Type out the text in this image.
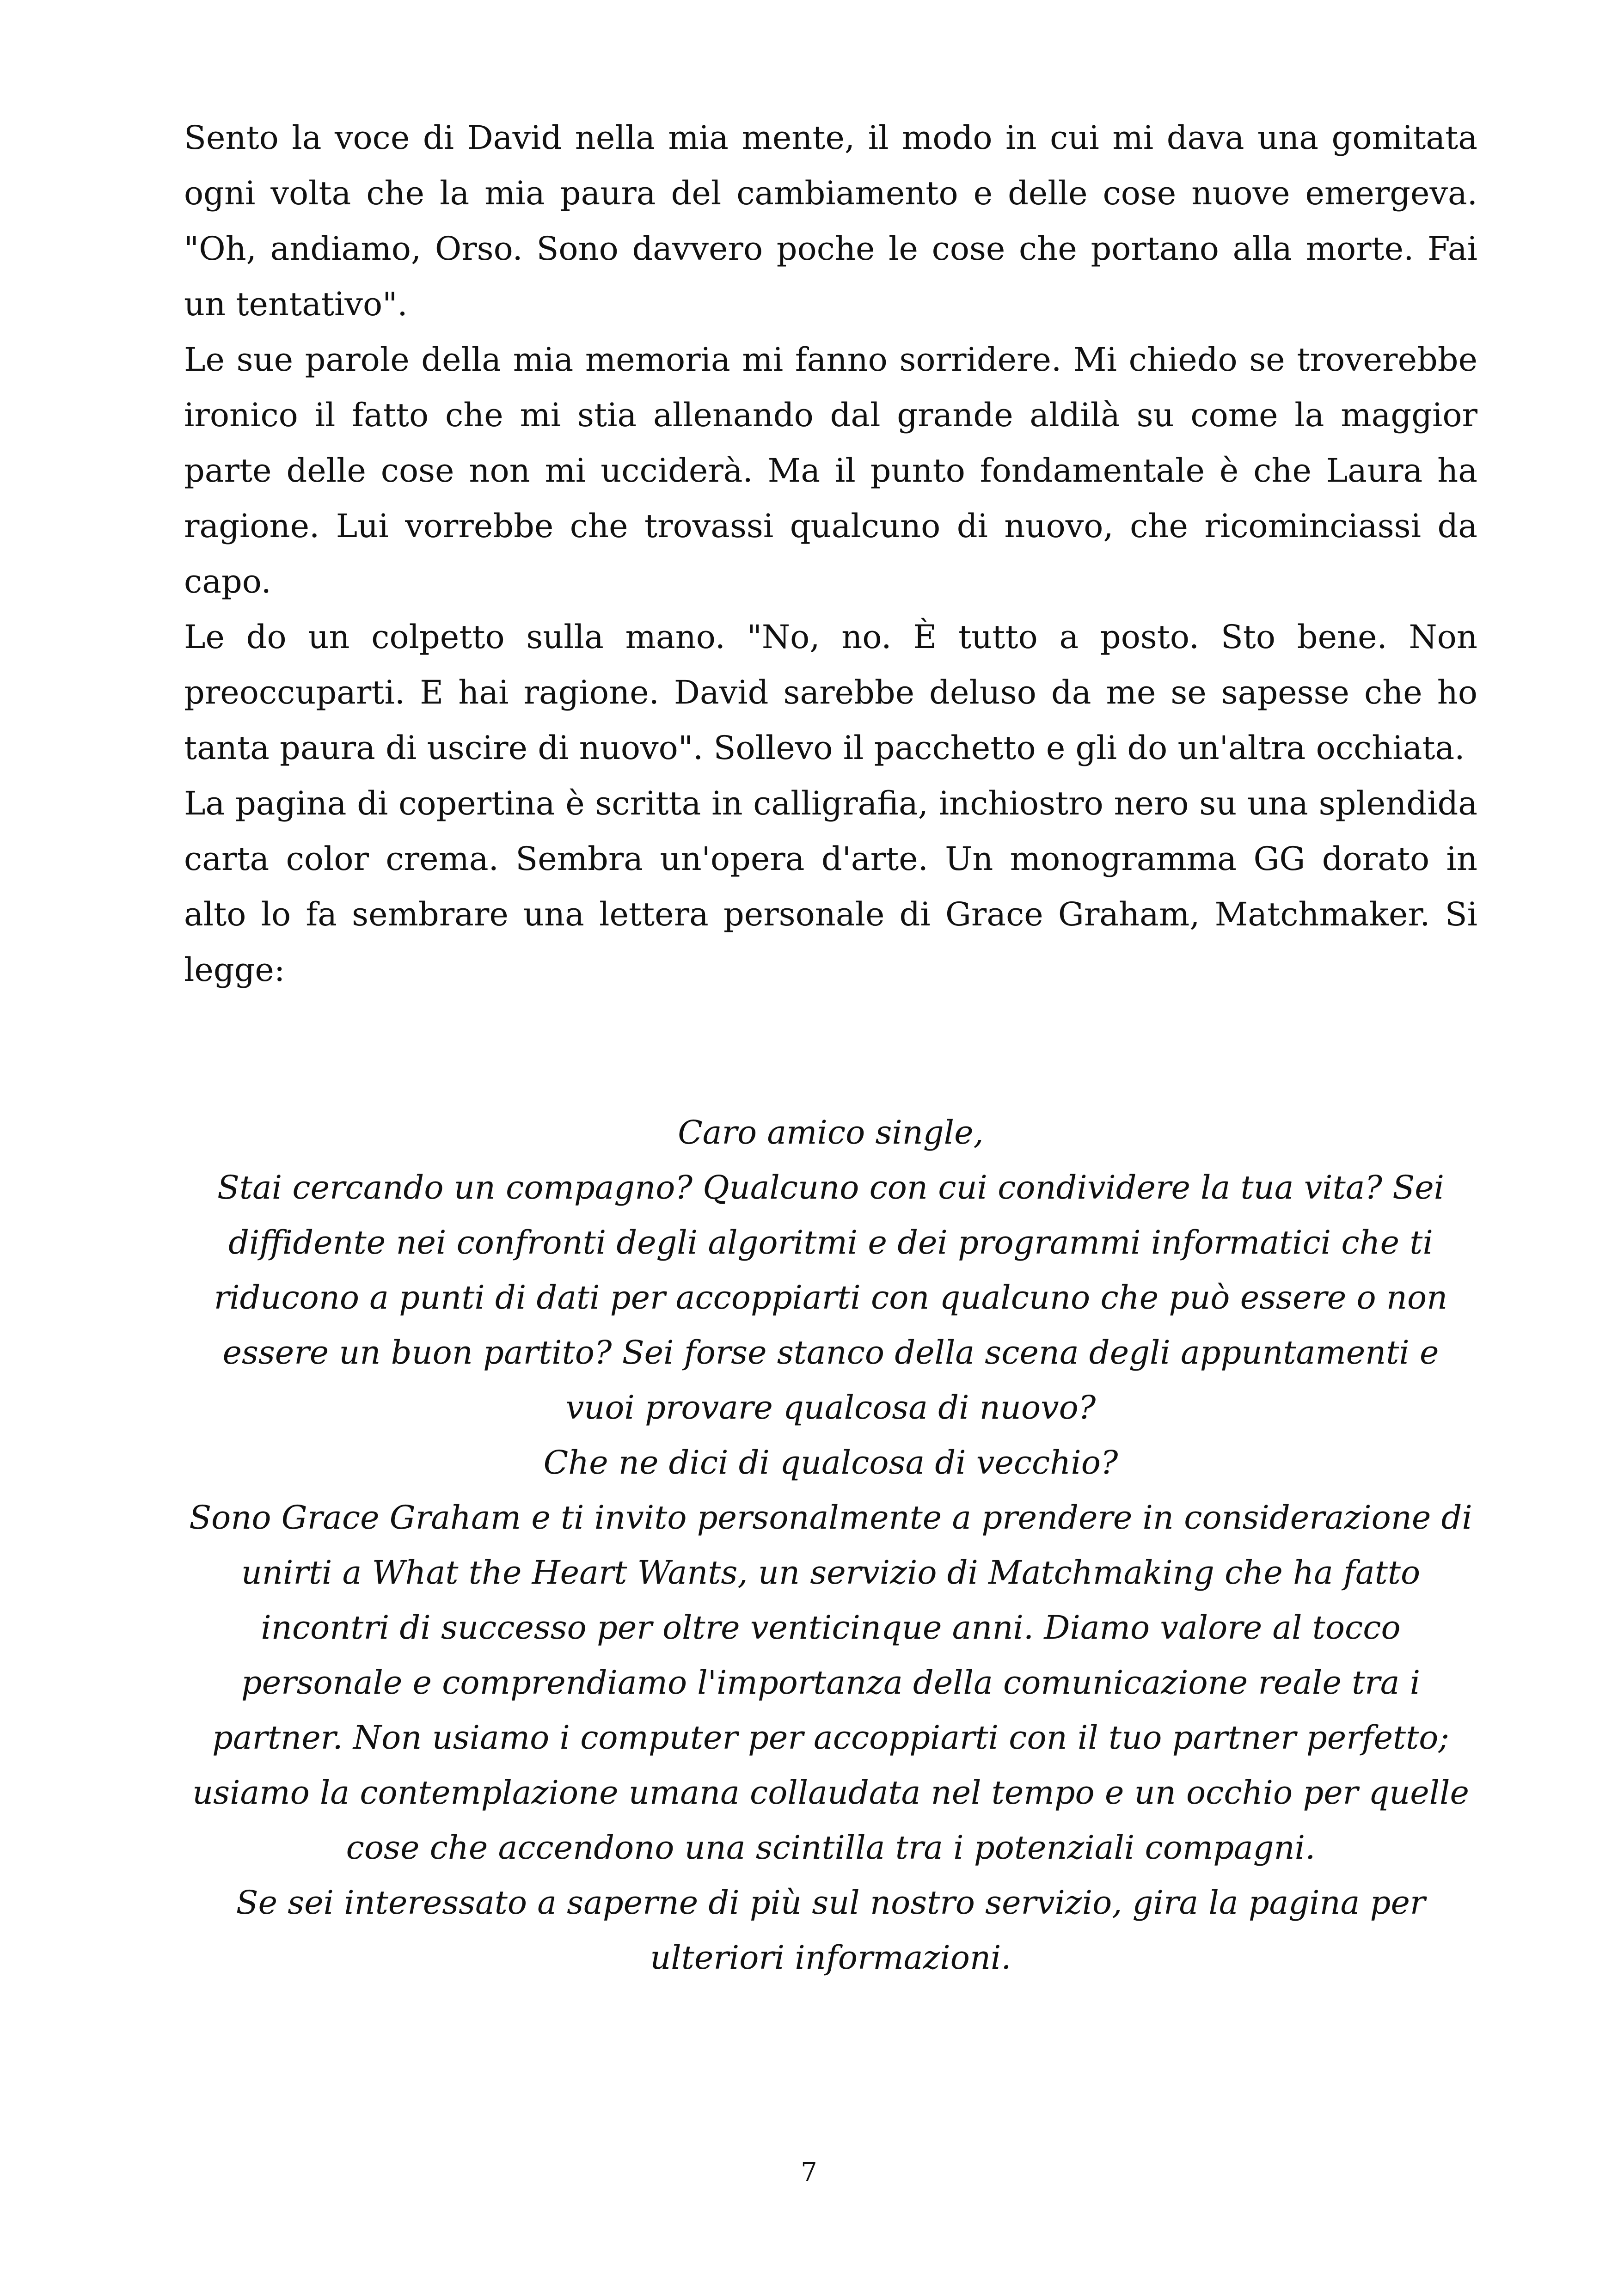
Sento la voce di David nella mia mente, il modo in cui mi dava una gomitata ogni volta che la mia paura del cambiamento e delle cose nuove emergeva. "Oh, andiamo, Orso. Sono davvero poche le cose che portano alla morte. Fai un tentativo".

Le sue parole della mia memoria mi fanno sorridere. Mi chiedo se troverebbe ironico il fatto che mi stia allenando dal grande aldilà su come la maggior parte delle cose non mi ucciderà. Ma il punto fondamentale è che Laura ha ragione. Lui vorrebbe che trovassi qualcuno di nuovo, che ricominciassi da capo.

Le do un colpetto sulla mano. "No, no. È tutto a posto. Sto bene. Non preoccuparti. E hai ragione. David sarebbe deluso da me se sapesse che ho tanta paura di uscire di nuovo". Sollevo il pacchetto e gli do un'altra occhiata.

La pagina di copertina è scritta in calligrafia, inchiostro nero su una splendida carta color crema. Sembra un'opera d'arte. Un monogramma GG dorato in alto lo fa sembrare una lettera personale di Grace Graham, Matchmaker. Si legge:

Caro amico single,

Stai cercando un compagno? Qualcuno con cui condividere la tua vita? Sei diffidente nei confronti degli algoritmi e dei programmi informatici che ti riducono a punti di dati per accoppiarti con qualcuno che può essere o non essere un buon partito? Sei forse stanco della scena degli appuntamenti e vuoi provare qualcosa di nuovo?

Che ne dici di qualcosa di vecchio?

Sono Grace Graham e ti invito personalmente a prendere in considerazione di unirti a What the Heart Wants, un servizio di Matchmaking che ha fatto incontri di successo per oltre venticinque anni. Diamo valore al tocco personale e comprendiamo l'importanza della comunicazione reale tra i partner. Non usiamo i computer per accoppiarti con il tuo partner perfetto; usiamo la contemplazione umana collaudata nel tempo e un occhio per quelle cose che accendono una scintilla tra i potenziali compagni.

Se sei interessato a saperne di più sul nostro servizio, gira la pagina per ulteriori informazioni.

7
